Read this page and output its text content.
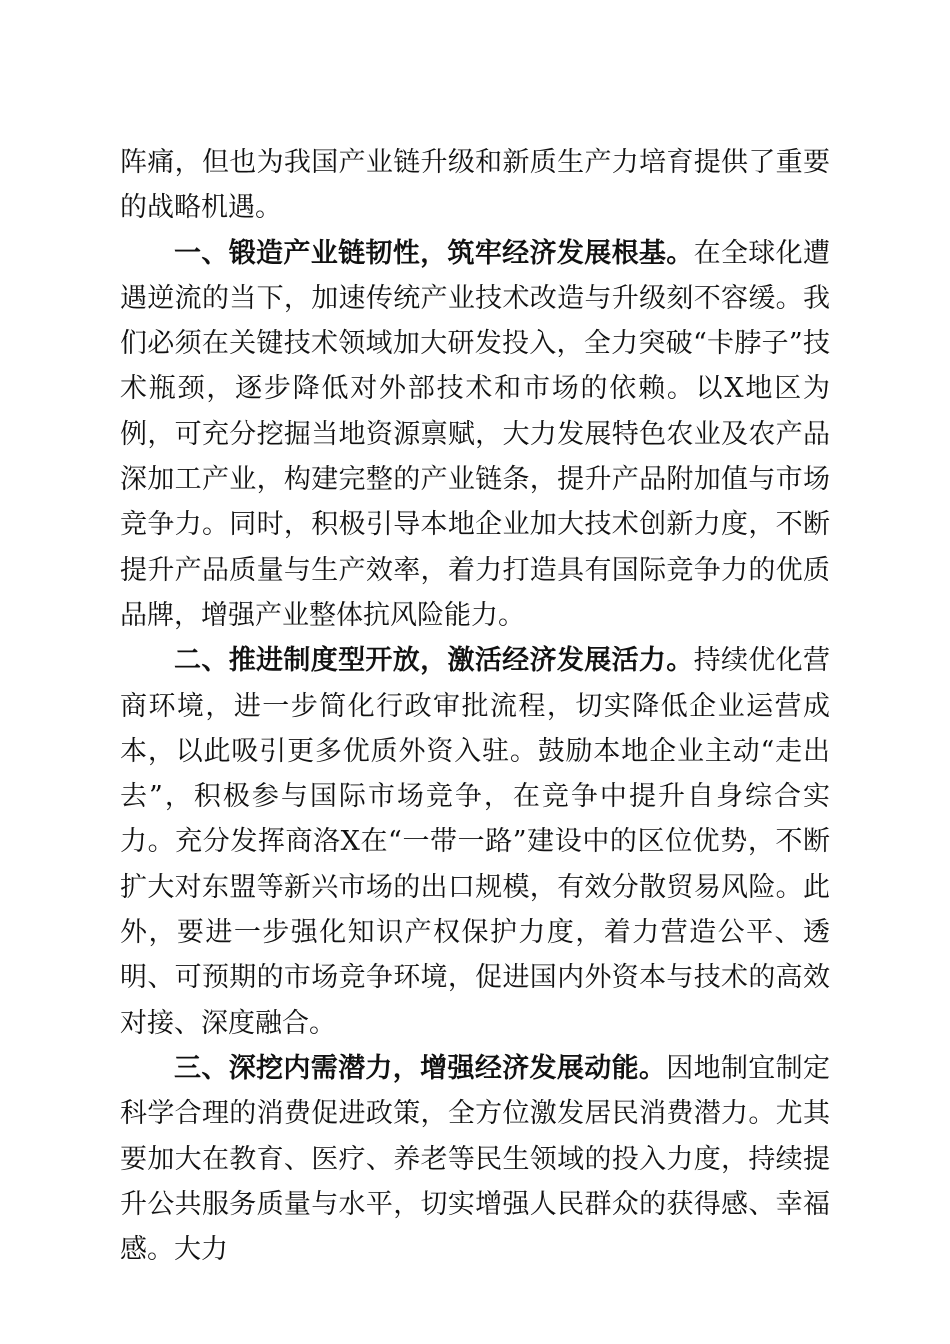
阵痛，但也为我国产业链升级和新质生产力培育提供了重要的战略机遇。

一、锻造产业链韧性，筑牢经济发展根基。在全球化遭遇逆流的当下，加速传统产业技术改造与升级刻不容缓。我们必须在关键技术领域加大研发投入，全力突破“卡脖子”技术瓶颈，逐步降低对外部技术和市场的依赖。以X地区为例，可充分挖掘当地资源禀赋，大力发展特色农业及农产品深加工产业，构建完整的产业链条，提升产品附加值与市场竞争力。同时，积极引导本地企业加大技术创新力度，不断提升产品质量与生产效率，着力打造具有国际竞争力的优质品牌，增强产业整体抗风险能力。

二、推进制度型开放，激活经济发展活力。持续优化营商环境，进一步简化行政审批流程，切实降低企业运营成本，以此吸引更多优质外资入驻。鼓励本地企业主动“走出去”，积极参与国际市场竞争，在竞争中提升自身综合实力。充分发挥商洛X在“一带一路”建设中的区位优势，不断扩大对东盟等新兴市场的出口规模，有效分散贸易风险。此外，要进一步强化知识产权保护力度，着力营造公平、透明、可预期的市场竞争环境，促进国内外资本与技术的高效对接、深度融合。

三、深挖内需潜力，增强经济发展动能。因地制宜制定科学合理的消费促进政策，全方位激发居民消费潜力。尤其要加大在教育、医疗、养老等民生领域的投入力度，持续提升公共服务质量与水平，切实增强人民群众的获得感、幸福感。大力
